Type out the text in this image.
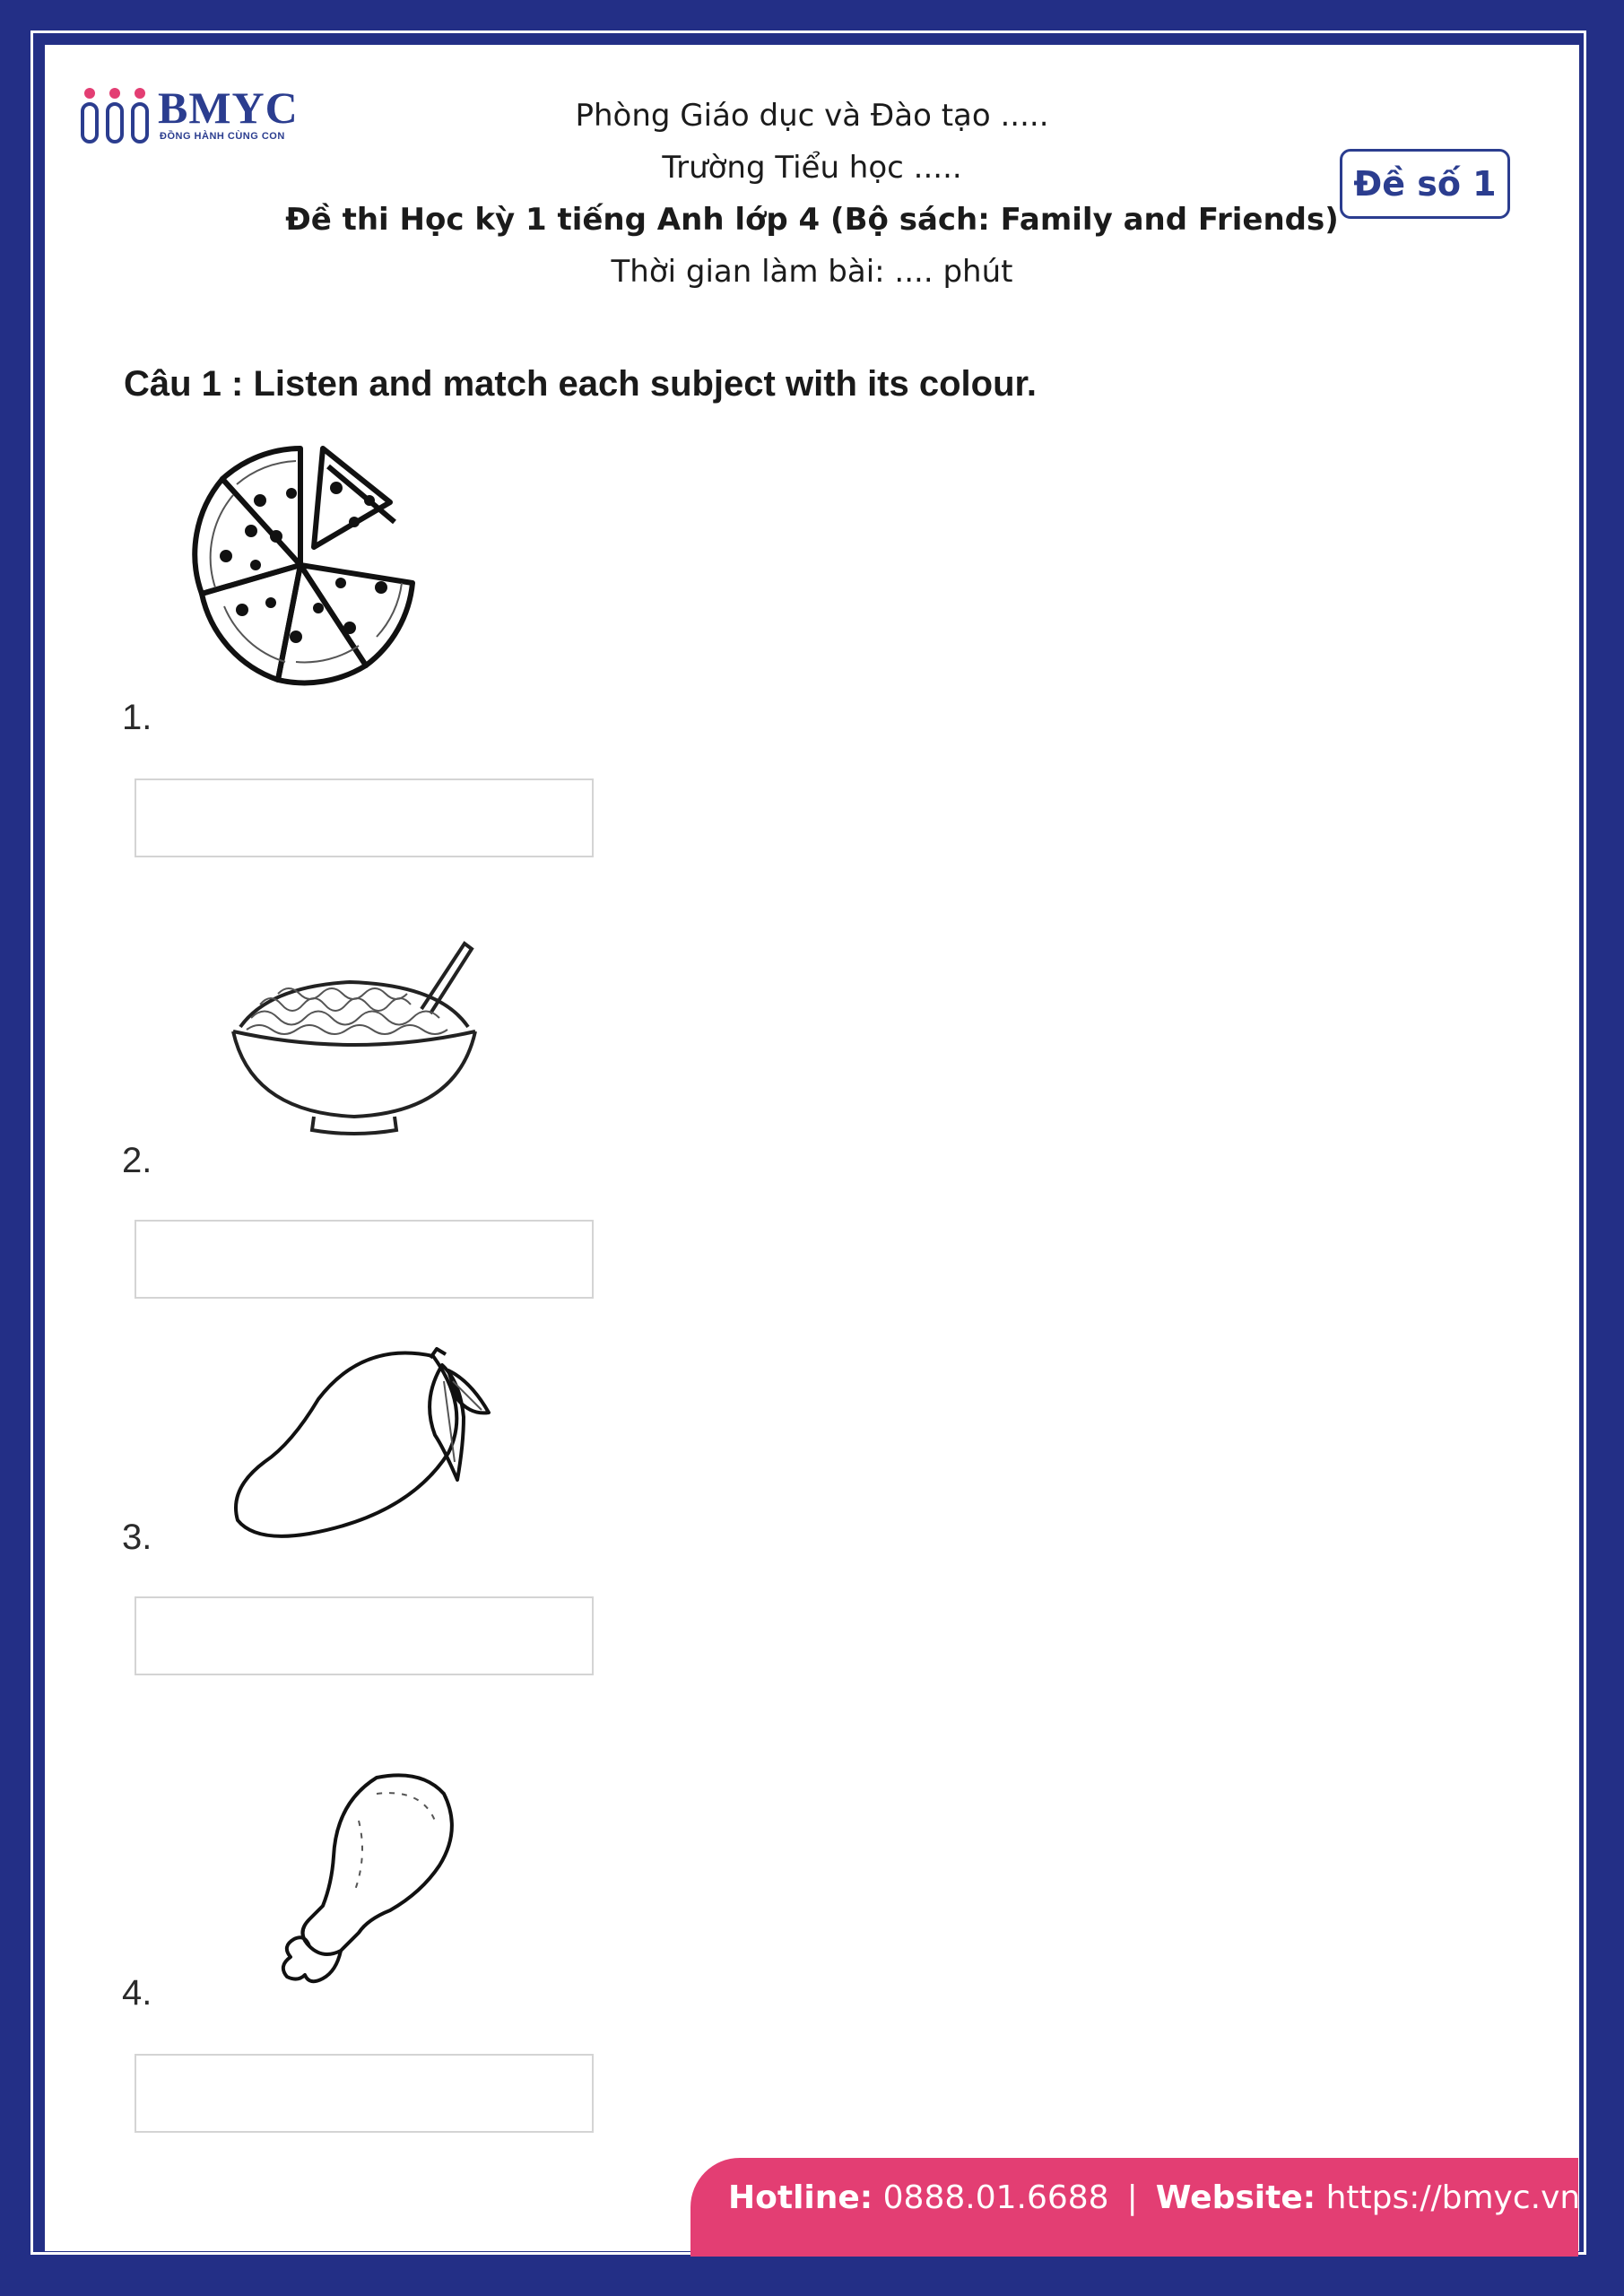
BMYC
ĐỒNG HÀNH CÙNG CON
Phòng Giáo dục và Đào tạo .....
Trường Tiểu học .....
Đề thi Học kỳ 1 tiếng Anh lớp 4 (Bộ sách: Family and Friends)
Thời gian làm bài: .... phút
Đề số 1
Câu 1 : Listen and match each subject with its colour.
1.
2.
3.
4.
Hotline: 0888.01.6688 | Website: https://bmyc.vn
